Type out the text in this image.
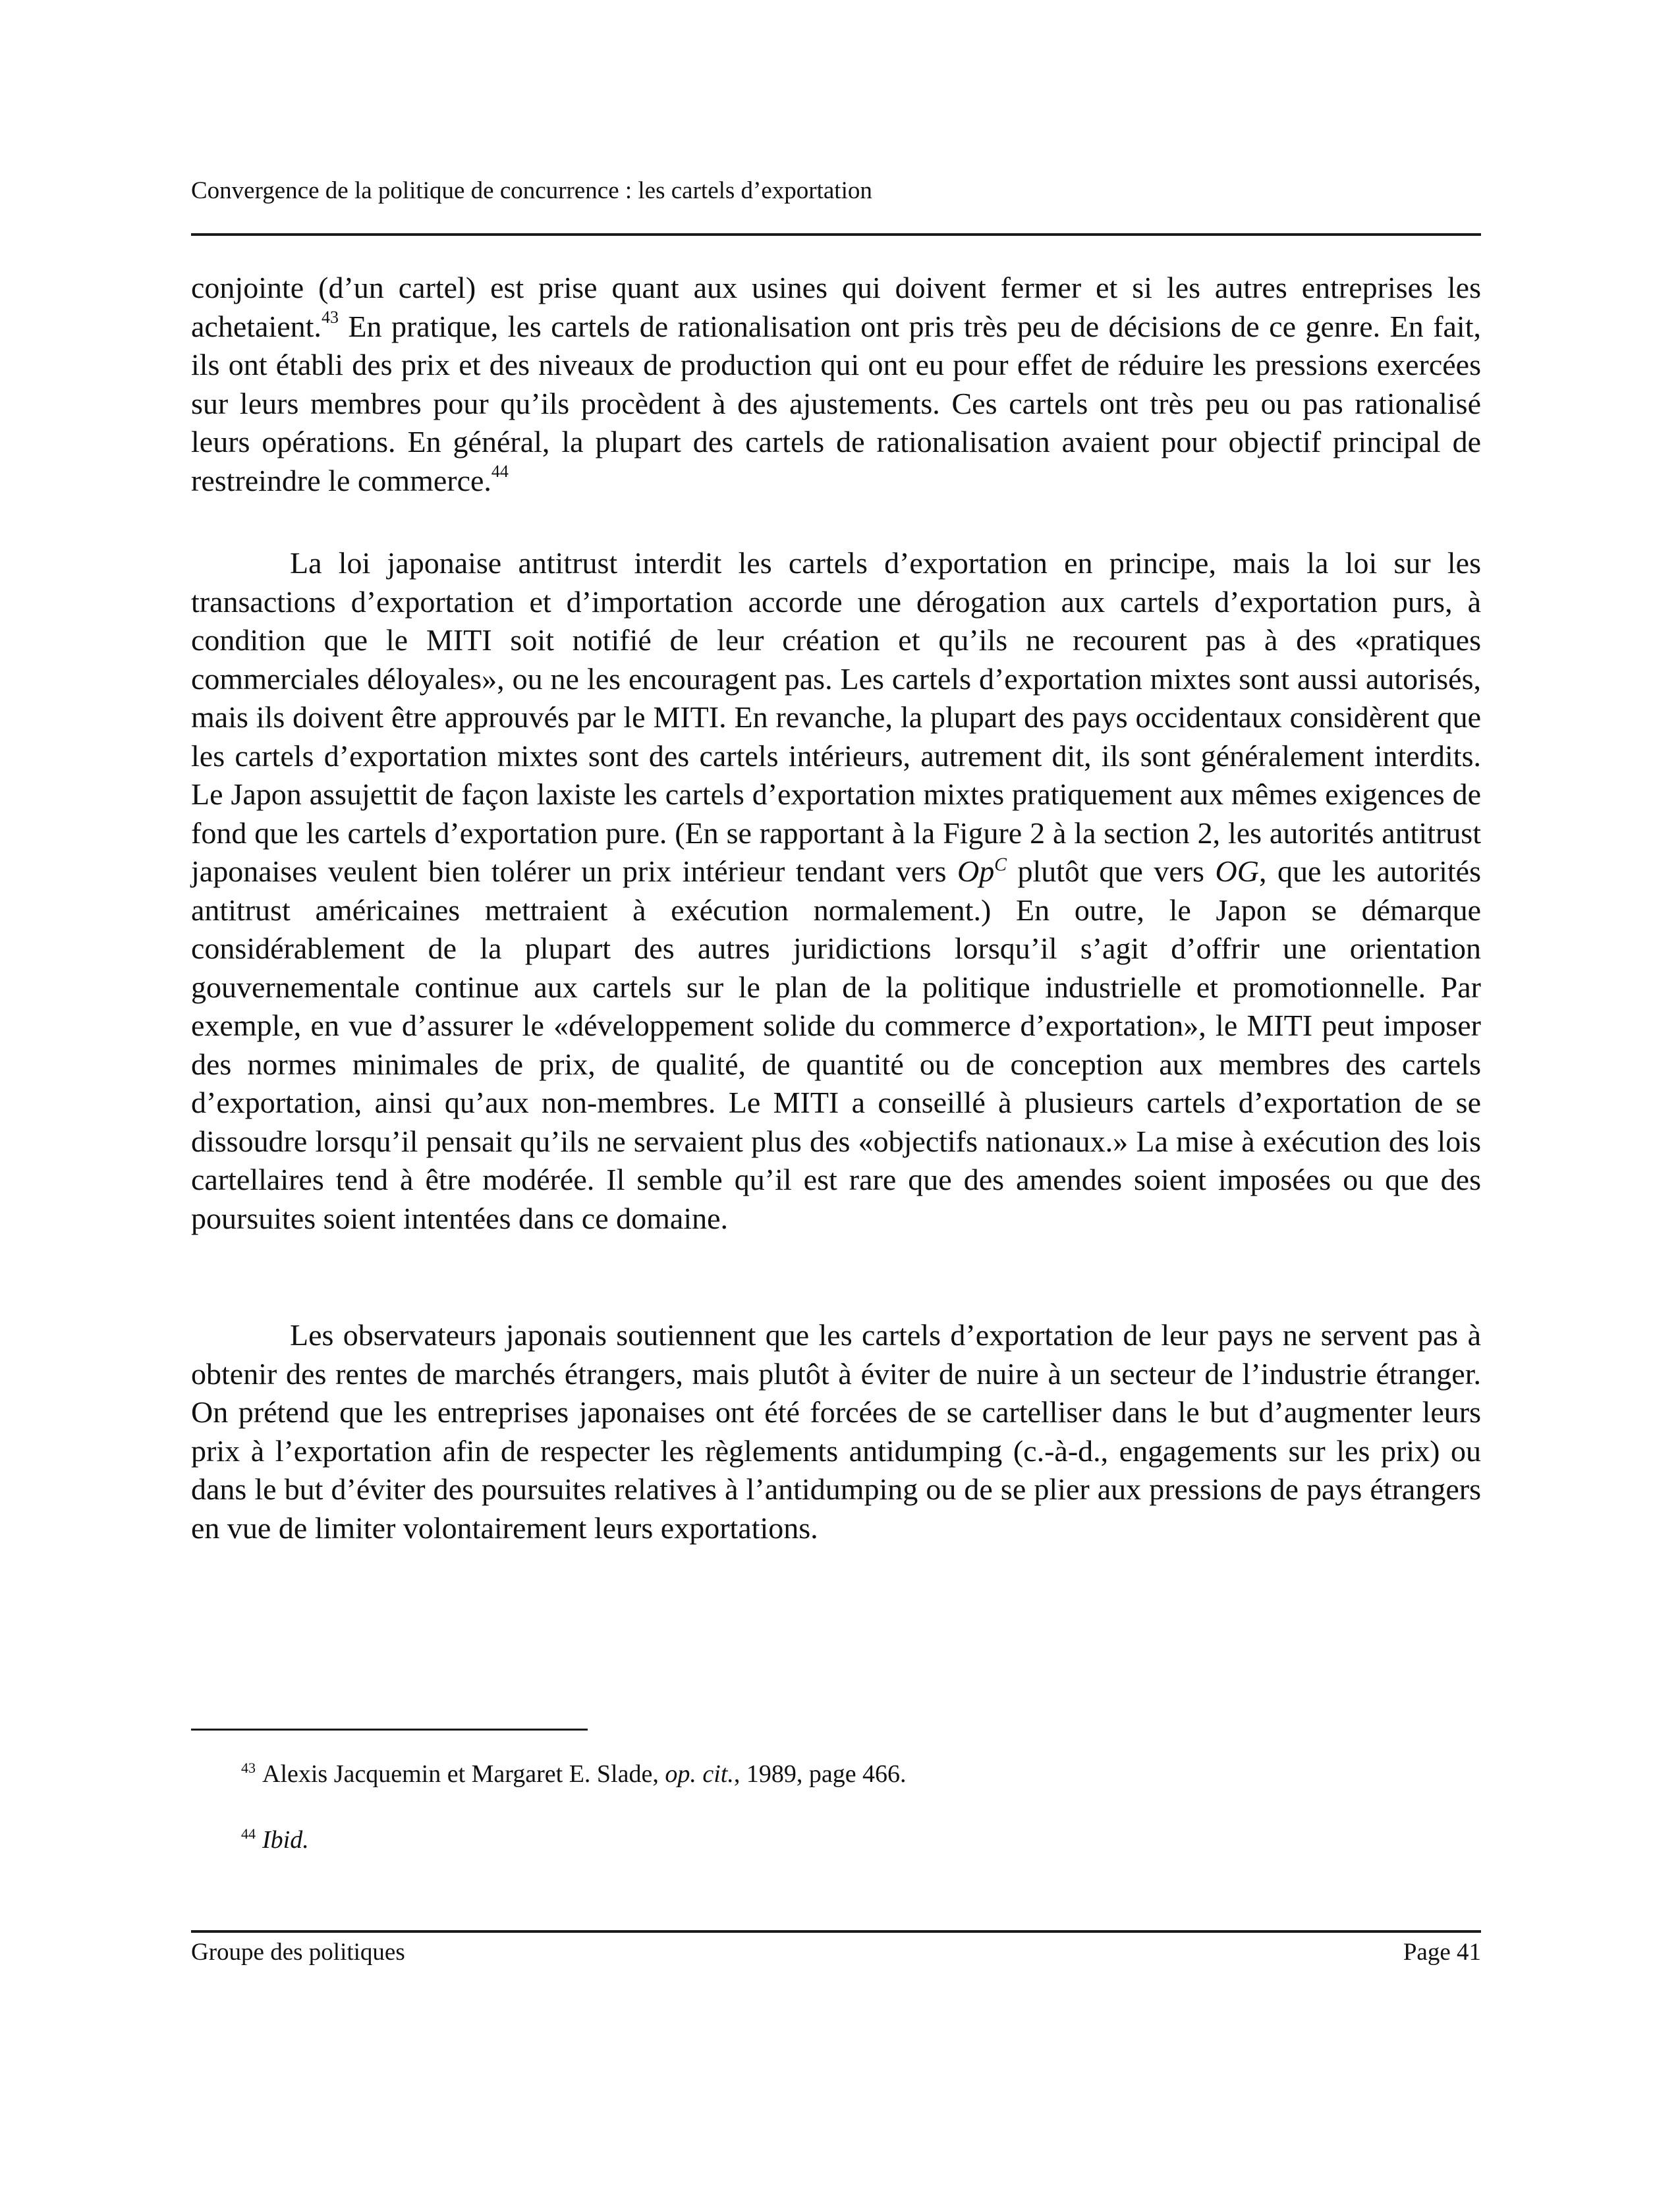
Convergence de la politique de concurrence : les cartels d’exportation

conjointe (d’un cartel) est prise quant aux usines qui doivent fermer et si les autres entreprises les achetaient.$^{43}$ En pratique, les cartels de rationalisation ont pris très peu de décisions de ce genre. En fait, ils ont établi des prix et des niveaux de production qui ont eu pour effet de réduire les pressions exercées sur leurs membres pour qu’ils procèdent à des ajustements. Ces cartels ont très peu ou pas rationalisé leurs opérations. En général, la plupart des cartels de rationalisation avaient pour objectif principal de restreindre le commerce.$^{44}$

La loi japonaise antitrust interdit les cartels d’exportation en principe, mais la loi sur les transactions d’exportation et d’importation accorde une dérogation aux cartels d’exportation purs, à condition que le MITI soit notifié de leur création et qu’ils ne recourent pas à des «pratiques commerciales déloyales», ou ne les encouragent pas. Les cartels d’exportation mixtes sont aussi autorisés, mais ils doivent être approuvés par le MITI. En revanche, la plupart des pays occidentaux considèrent que les cartels d’exportation mixtes sont des cartels intérieurs, autrement dit, ils sont généralement interdits. Le Japon assujettit de façon laxiste les cartels d’exportation mixtes pratiquement aux mêmes exigences de fond que les cartels d’exportation pure. (En se rapportant à la Figure 2 à la section 2, les autorités antitrust japonaises veulent bien tolérer un prix intérieur tendant vers $Op^C$ plutôt que vers OG, que les autorités antitrust américaines mettraient à exécution normalement.) En outre, le Japon se démarque considérablement de la plupart des autres juridictions lorsqu’il s’agit d’offrir une orientation gouvernementale continue aux cartels sur le plan de la politique industrielle et promotionnelle. Par exemple, en vue d’assurer le «développement solide du commerce d’exportation», le MITI peut imposer des normes minimales de prix, de qualité, de quantité ou de conception aux membres des cartels d’exportation, ainsi qu’aux non-membres. Le MITI a conseillé à plusieurs cartels d’exportation de se dissoudre lorsqu’il pensait qu’ils ne servaient plus des «objectifs nationaux.» La mise à exécution des lois cartellaires tend à être modérée. Il semble qu’il est rare que des amendes soient imposées ou que des poursuites soient intentées dans ce domaine.

Les observateurs japonais soutiennent que les cartels d’exportation de leur pays ne servent pas à obtenir des rentes de marchés étrangers, mais plutôt à éviter de nuire à un secteur de l’industrie étranger. On prétend que les entreprises japonaises ont été forcées de se cartelliser dans le but d’augmenter leurs prix à l’exportation afin de respecter les règlements antidumping (c.-à-d., engagements sur les prix) ou dans le but d’éviter des poursuites relatives à l’antidumping ou de se plier aux pressions de pays étrangers en vue de limiter volontairement leurs exportations.

$^{43}$ Alexis Jacquemin et Margaret E. Slade, op. cit., 1989, page 466.
$^{44}$ Ibid.
Groupe des politiques	Page 41
